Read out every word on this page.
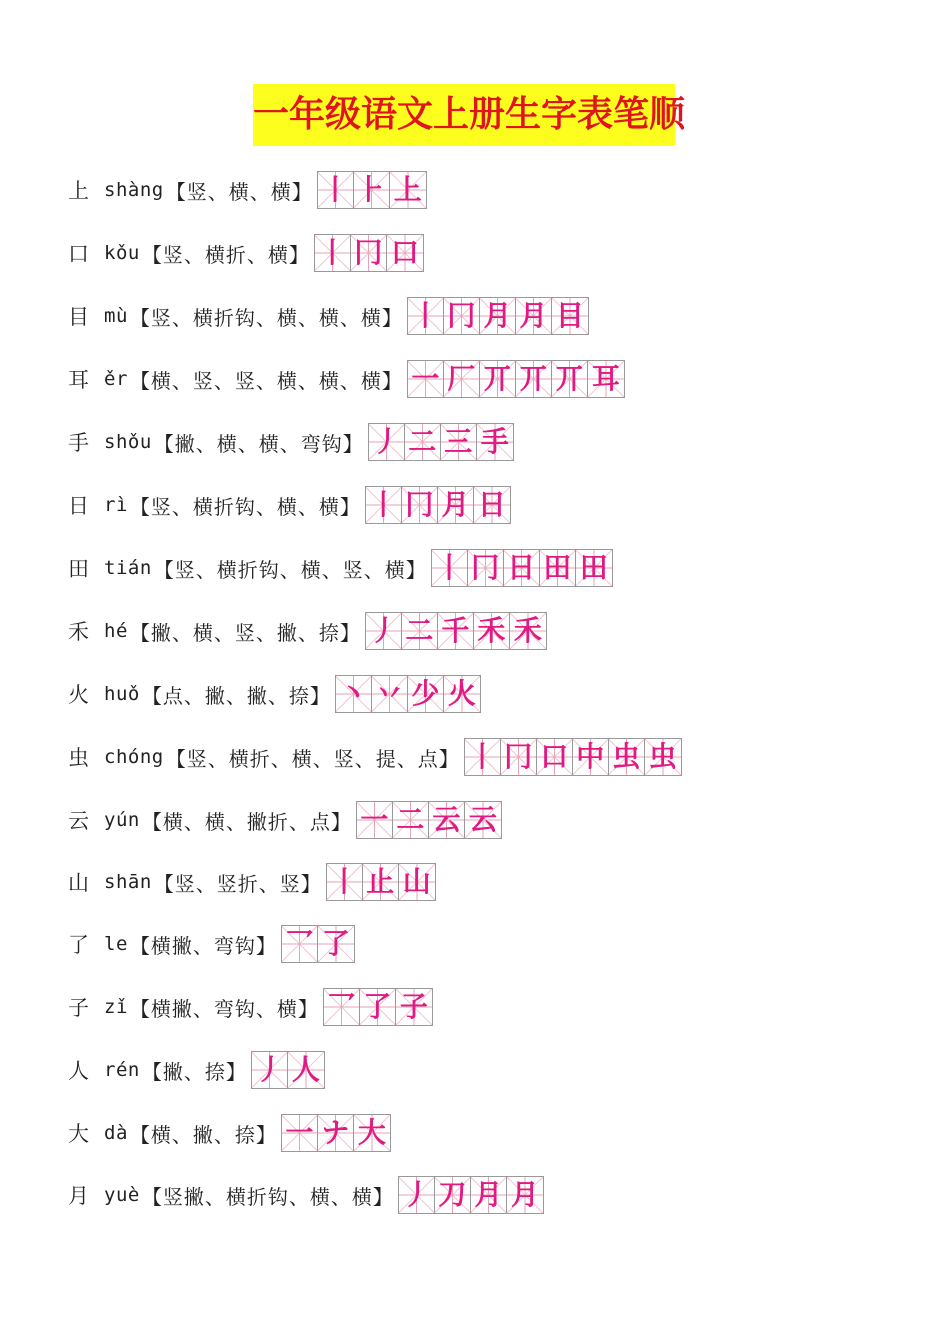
一年级语文上册生字表笔顺
上 shàng 【竖、横、横】 丨 ⺊ 上
口 kǒu 【竖、横折、横】 丨 冂 口
目 mù 【竖、横折钩、横、横、横】 丨 冂 月 月 目
耳 ěr 【横、竖、竖、横、横、横】 一 厂 丌 丌 丌 耳
手 shǒu 【撇、横、横、弯钩】 丿 二 三 手
日 rì 【竖、横折钩、横、横】 丨 冂 月 日
田 tián 【竖、横折钩、横、竖、横】 丨 冂 日 田 田
禾 hé 【撇、横、竖、撇、捺】 丿 二 千 禾 禾
火 huǒ 【点、撇、撇、捺】 丶 丷 少 火
虫 chóng 【竖、横折、横、竖、提、点】 丨 冂 口 中 虫 虫
云 yún 【横、横、撇折、点】 一 二 云 云
山 shān 【竖、竖折、竖】 丨 止 山
了 le 【横撇、弯钩】 乛 了
子 zǐ 【横撇、弯钩、横】 乛 了 子
人 rén 【撇、捺】 丿 人
大 dà 【横、撇、捺】 一 ナ 大
月 yuè 【竖撇、横折钩、横、横】 丿 刀 月 月
